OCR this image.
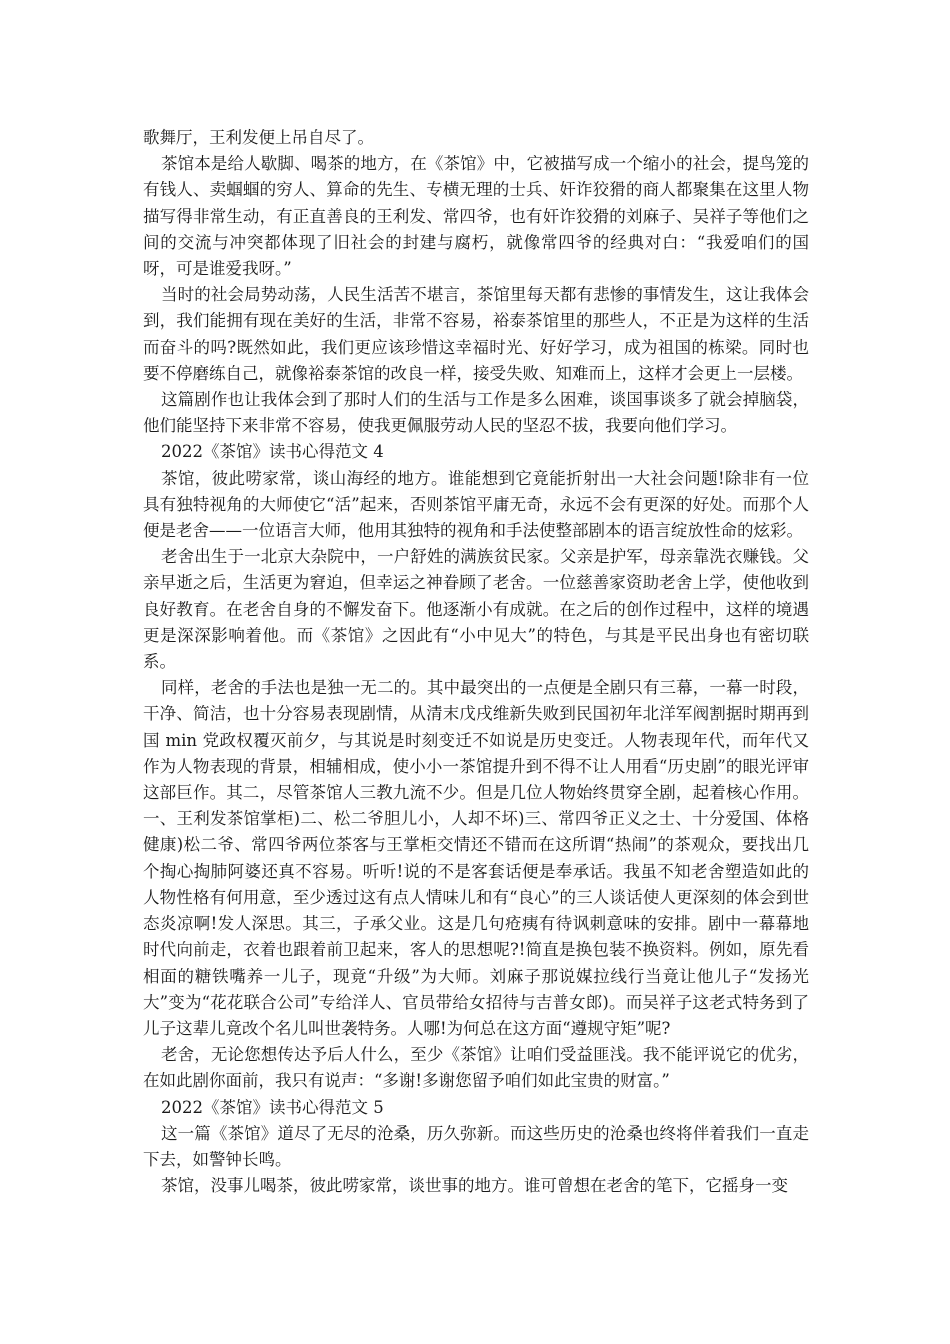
歌舞厅，王利发便上吊自尽了。

茶馆本是给人歇脚、喝茶的地方，在《茶馆》中，它被描写成一个缩小的社会，提鸟笼的有钱人、卖蝈蝈的穷人、算命的先生、专横无理的士兵、奸诈狡猾的商人都聚集在这里人物描写得非常生动，有正直善良的王利发、常四爷，也有奸诈狡猾的刘麻子、吴祥子等他们之间的交流与冲突都体现了旧社会的封建与腐朽，就像常四爷的经典对白：“我爱咱们的国呀，可是谁爱我呀。”

当时的社会局势动荡，人民生活苦不堪言，茶馆里每天都有悲惨的事情发生，这让我体会到，我们能拥有现在美好的生活，非常不容易，裕泰茶馆里的那些人，不正是为这样的生活而奋斗的吗?既然如此，我们更应该珍惜这幸福时光、好好学习，成为祖国的栋梁。同时也要不停磨练自己，就像裕泰茶馆的改良一样，接受失败、知难而上，这样才会更上一层楼。

这篇剧作也让我体会到了那时人们的生活与工作是多么困难，谈国事谈多了就会掉脑袋，他们能坚持下来非常不容易，使我更佩服劳动人民的坚忍不拔，我要向他们学习。

2022《茶馆》读书心得范文 4

茶馆，彼此唠家常，谈山海经的地方。谁能想到它竟能折射出一大社会问题!除非有一位具有独特视角的大师使它“活”起来，否则茶馆平庸无奇，永远不会有更深的好处。而那个人便是老舍——一位语言大师，他用其独特的视角和手法使整部剧本的语言绽放性命的炫彩。

老舍出生于一北京大杂院中，一户舒姓的满族贫民家。父亲是护军，母亲靠洗衣赚钱。父亲早逝之后，生活更为窘迫，但幸运之神眷顾了老舍。一位慈善家资助老舍上学，使他收到良好教育。在老舍自身的不懈发奋下。他逐渐小有成就。在之后的创作过程中，这样的境遇更是深深影响着他。而《茶馆》之因此有“小中见大”的特色，与其是平民出身也有密切联系。

同样，老舍的手法也是独一无二的。其中最突出的一点便是全剧只有三幕，一幕一时段，干净、简洁，也十分容易表现剧情，从清末戊戌维新失败到民国初年北洋军阀割据时期再到国 min 党政权覆灭前夕，与其说是时刻变迁不如说是历史变迁。人物表现年代，而年代又作为人物表现的背景，相辅相成，使小小一茶馆提升到不得不让人用看“历史剧”的眼光评审这部巨作。其二，尽管茶馆人三教九流不少。但是几位人物始终贯穿全剧，起着核心作用。一、王利发茶馆掌柜)二、松二爷胆儿小，人却不坏)三、常四爷正义之士、十分爱国、体格健康)松二爷、常四爷两位茶客与王掌柜交情还不错而在这所谓“热闹”的茶观众，要找出几个掏心掏肺阿婆还真不容易。听听!说的不是客套话便是奉承话。我虽不知老舍塑造如此的人物性格有何用意，至少透过这有点人情味儿和有“良心”的三人谈话使人更深刻的体会到世态炎凉啊!发人深思。其三，子承父业。这是几句疮痍有待讽刺意味的安排。剧中一幕幕地时代向前走，衣着也跟着前卫起来，客人的思想呢?!简直是换包装不换资料。例如，原先看相面的糖铁嘴养一儿子，现竟“升级”为大师。刘麻子那说媒拉线行当竟让他儿子“发扬光大”变为“花花联合公司”专给洋人、官员带给女招待与吉普女郎)。而吴祥子这老式特务到了儿子这辈儿竟改个名儿叫世袭特务。人哪!为何总在这方面“遵规守矩”呢?

老舍，无论您想传达予后人什么，至少《茶馆》让咱们受益匪浅。我不能评说它的优劣，在如此剧你面前，我只有说声：“多谢!多谢您留予咱们如此宝贵的财富。”

2022《茶馆》读书心得范文 5

这一篇《茶馆》道尽了无尽的沧桑，历久弥新。而这些历史的沧桑也终将伴着我们一直走下去，如警钟长鸣。

茶馆，没事儿喝茶，彼此唠家常，谈世事的地方。谁可曾想在老舍的笔下，它摇身一变
